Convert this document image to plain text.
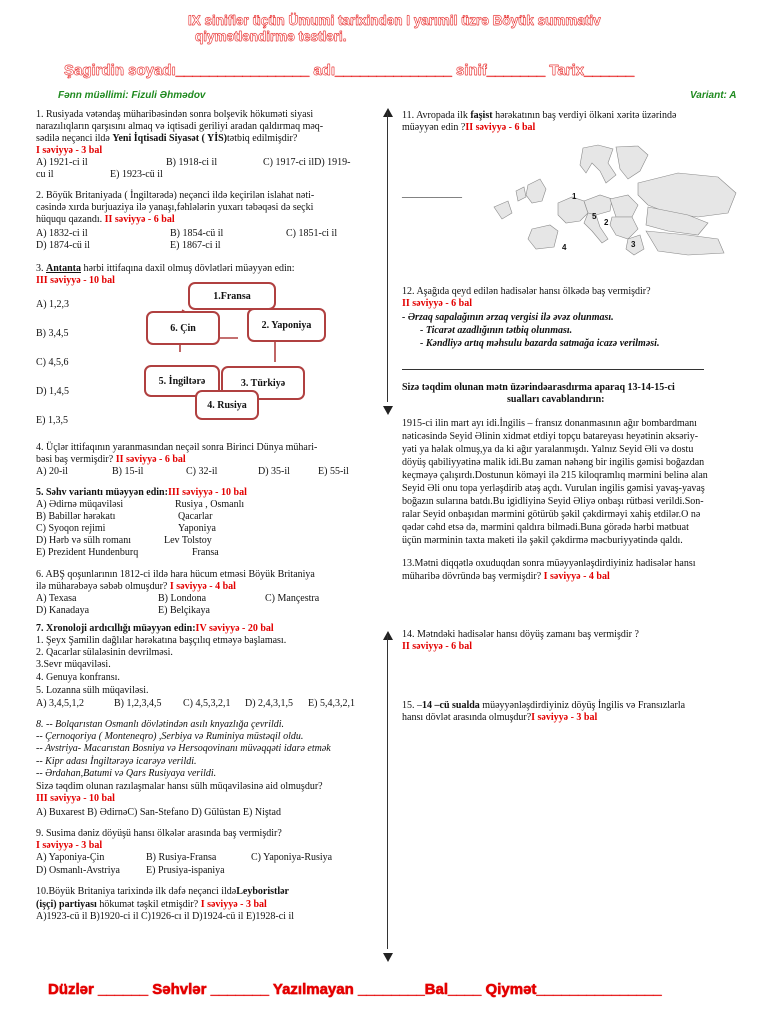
IX siniflər üçün Ümumi tarixindən I yarımil üzrə Böyük summativ
qiymətləndirmə testləri.
Şagirdin soyadı________________ adı______________ sinif_______ Tarix______
Fənn müəllimi: Fizuli Əhmədov	Variant: A
1. Rusiyada vətəndaş müharibəsindən sonra bolşevik hökuməti siyasi
narazılıqların qarşısını almaq və iqtisadi geriliyi aradan qaldırmaq məq-
sədilə neçənci ildə Yeni İqtisadi Siyasət ( YİS)tətbiq edilmişdir?
I səviyyə - 3 bal
A) 1921-ci il	B) 1918-ci il	C) 1917-ci ilD) 1919-
cu il	E) 1923-cü il
2. Böyük Britaniyada ( İngiltərədə) neçənci ildə keçirilən islahat nəti-
cəsində xırda burjuaziya ilə yanaşı,fəhlələrin yuxarı təbəqəsi də seçki
hüququ qazandı. II səviyyə - 6 bal
A) 1832-ci il	B) 1854-cü il	C) 1851-ci il
D) 1874-cü il	E) 1867-ci il
3. Antanta hərbi ittifaqına daxil olmuş dövlətləri müəyyən edin:
III səviyyə - 10 bal
A) 1,2,3
B) 3,4,5
C) 4,5,6
D) 1,4,5
E) 1,3,5
1.Fransa
6. Çin	2. Yaponiya
5. İngiltərə	3. Türkiyə
4. Rusiya
4. Üçlər ittifaqının yaranmasından neçəil sonra Birinci Dünya mühari-
bəsi baş vermişdir? II səviyyə - 6 bal
A) 20-il	B) 15-il	C) 32-il	D) 35-il	E) 55-il
5. Səhv variantı müəyyən edin:III səviyyə - 10 bal
A) Ədirnə müqaviləsi	Rusiya , Osmanlı
B) Babillər hərəkatı	Qacarlar
C) Syoqon rejimi	Yaponiya
D) Hərb və sülh romanı	Lev Tolstoy
E) Prezident Hundenburq	Fransa
6. ABŞ qoşunlarının 1812-ci ildə hara hücum etməsi Böyük Britaniya
ilə müharəbəyə səbəb olmuşdur? I səviyyə - 4 bal
A) Texasa	B) Londona	C) Mançestra
D) Kanadaya	E) Belçikaya
7. Xronoloji ardıcıllığı müəyyən edin:IV səviyyə - 20 bal
1. Şeyx Şamilin dağlılar hərəkatına başçılıq etməyə başlaması.
2. Qacarlar sülaləsinin devrilməsi.
3.Sevr müqaviləsi.
4. Genuya konfransı.
5. Lozanna sülh müqaviləsi.
A) 3,4,5,1,2	B) 1,2,3,4,5 C) 4,5,3,2,1 D) 2,4,3,1,5 E) 5,4,3,2,1
8. -- Bolqarıstan Osmanlı dövlətindən asılı knyazlığa çevrildi.
-- Çernoqoriya ( Monteneqro) ,Serbiya və Ruminiya müstəqil oldu.
-- Avstriya- Macarıstan Bosniya və Hersoqovinanı müvəqqəti idarə etmək
-- Kipr adası İngiltərəyə icarəyə verildi.
-- Ərdahan,Batumi və Qars Rusiyaya verildi.
Sizə təqdim olunan razılaşmalar hansı sülh müqaviləsinə aid olmuşdur?
III səviyyə - 10 bal
A) Buxarest B) ƏdirnəC) San-Stefano D) Gülüstan E) Niştad
9. Susima dəniz döyüşü hansı ölkələr arasında baş vermişdir?
I səviyyə - 3 bal
A) Yaponiya-Çin	B) Rusiya-Fransa	C) Yaponiya-Rusiya
D) Osmanlı-Avstriya	E) Prusiya-ispaniya
10.Böyük Britaniya tarixində ilk dəfə neçənci ildəLeyboristlər
(işçi) partiyası hökumət təşkil etmişdir? I səviyyə - 3 bal
A)1923-cü il B)1920-ci il C)1926-cı il D)1924-cü il E)1928-ci il
11. Avropada ilk faşist hərəkatının baş verdiyi ölkəni xəritə üzərində
müəyyən edin ?II səviyyə - 6 bal
____________	1
2
3
4
5
12. Aşağıda qeyd edilən hadisələr hansı ölkədə baş vermişdir?
II səviyyə - 6 bal
- Ərzaq sapalağının ərzaq vergisi ilə əvəz olunması.
- Ticarət azadlığının tətbiq olunması.
- Kəndliyə artıq məhsulu bazarda satmağa icazə verilməsi.
Sizə təqdim olunan mətn üzərindəarasdırma aparaq 13-14-15-ci
sualları cavablandırın:
1915-ci ilin mart ayı idi.İngilis – fransız donanmasının ağır bombardmanı
nəticəsində Seyid Əlinin xidmət etdiyi topçu batareyası heyətinin əksəriy-
yəti ya həlak olmuş,ya da ki ağır yaralanmışdı. Yalnız Seyid Əli və dostu
döyüş qabiliyyətinə malik idi.Bu zaman nəhəng bir ingilis gəmisi boğazdan
keçməyə çalışırdı.Dostunun köməyi ilə 215 kiloqramlıq mərmini belinə alan
Seyid Əli onu topa yerləşdirib atəş açdı. Vurulan ingilis gəmisi yavaş-yavaş
boğazın sularına batdı.Bu igidliyinə Seyid Əliyə onbaşı rütbəsi verildi.Son-
ralar Seyid onbaşıdan mərmini götürüb şəkil çəkdirməyi xahiş etdilər.O nə
qədər cəhd etsə də, mərmini qaldıra bilmədi.Buna görədə hərbi mətbuat
üçün mərminin taxta maketi ilə şəkil çəkdirmə məcburiyyətində qaldı.
13.Mətni diqqətlə oxuduqdan sonra müəyyənləşdirdiyiniz hadisələr hansı
müharibə dövründə baş vermişdir? I səviyyə - 4 bal
14. Mətndəki hadisələr hansı döyüş zamanı baş vermişdir ?
II səviyyə - 6 bal
15. –14 –cü sualda müəyyənləşdirdiyiniz döyüş İngilis və Fransızlarla
hansı dövlət arasında olmuşdur?I səviyyə - 3 bal
Düzlər ______ Səhvlər _______ Yazılmayan ________Bal____ Qiymət_______________
